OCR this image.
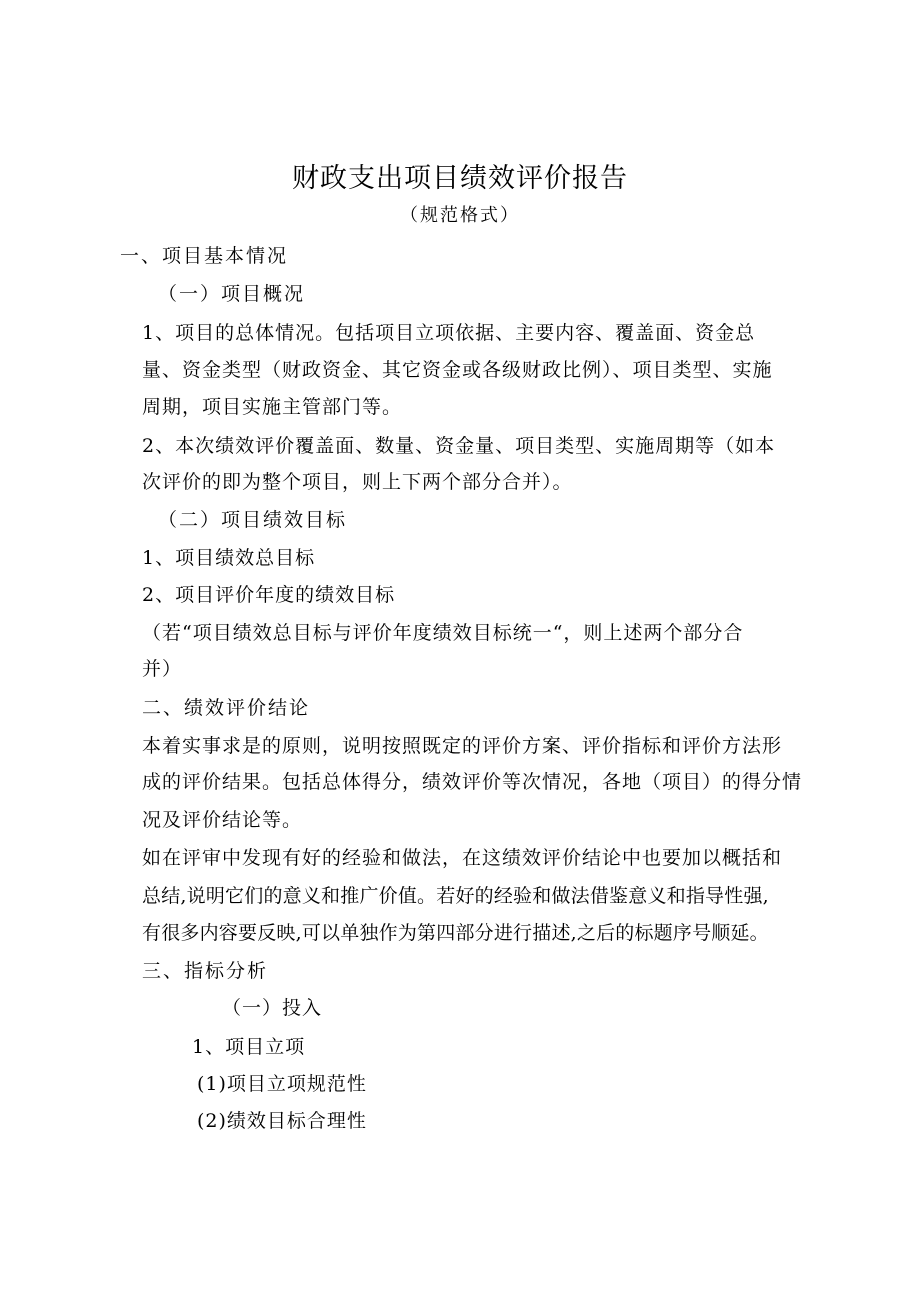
财政支出项目绩效评价报告
（规范格式）
一、项目基本情况
（一）项目概况
1、项目的总体情况。包括项目立项依据、主要内容、覆盖面、资金总
量、资金类型（财政资金、其它资金或各级财政比例）、项目类型、实施
周期，项目实施主管部门等。
2、本次绩效评价覆盖面、数量、资金量、项目类型、实施周期等（如本
次评价的即为整个项目，则上下两个部分合并）。
（二）项目绩效目标
1、项目绩效总目标
2、项目评价年度的绩效目标
（若“项目绩效总目标与评价年度绩效目标统一“，则上述两个部分合
并）
二、绩效评价结论
本着实事求是的原则，说明按照既定的评价方案、评价指标和评价方法形
成的评价结果。包括总体得分，绩效评价等次情况，各地（项目）的得分情
况及评价结论等。
如在评审中发现有好的经验和做法，在这绩效评价结论中也要加以概括和
总结,说明它们的意义和推广价值。若好的经验和做法借鉴意义和指导性强,
有很多内容要反映,可以单独作为第四部分进行描述,之后的标题序号顺延。
三、指标分析
（一）投入
1、项目立项
(1)项目立项规范性
(2)绩效目标合理性
